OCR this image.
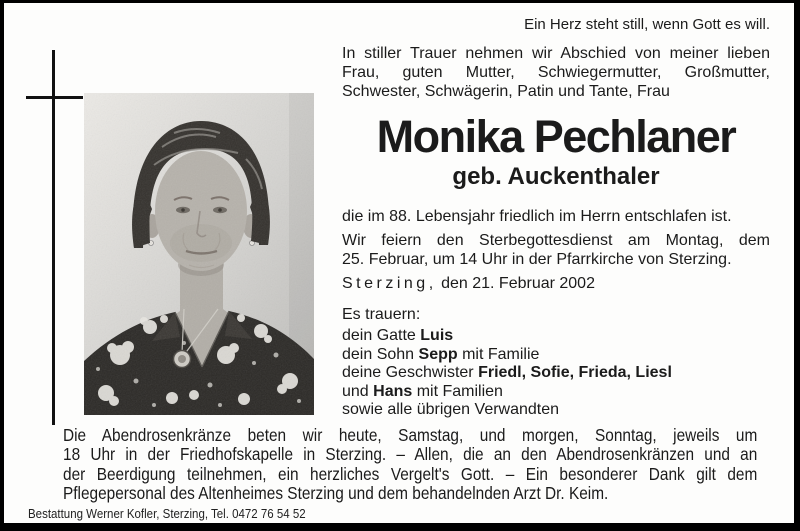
Ein Herz steht still, wenn Gott es will.
In stiller Trauer nehmen wir Abschied von meiner lieben
Frau, guten Mutter, Schwiegermutter, Großmutter,
Schwester, Schwägerin, Patin und Tante, Frau
Monika Pechlaner
geb. Auckenthaler
die im 88. Lebensjahr friedlich im Herrn entschlafen ist.
Wir feiern den Sterbegottesdienst am Montag, dem
25. Februar, um 14 Uhr in der Pfarrkirche von Sterzing.
Sterzing, den 21. Februar 2002
Es trauern:
dein Gatte Luis
dein Sohn Sepp mit Familie
deine Geschwister Friedl, Sofie, Frieda, Liesl
und Hans mit Familien
sowie alle übrigen Verwandten
Die Abendrosenkränze beten wir heute, Samstag, und morgen, Sonntag, jeweils um
18 Uhr in der Friedhofskapelle in Sterzing. – Allen, die an den Abendrosenkränzen und an
der Beerdigung teilnehmen, ein herzliches Vergelt's Gott. – Ein besonderer Dank gilt dem
Pflegepersonal des Altenheimes Sterzing und dem behandelnden Arzt Dr. Keim.
Bestattung Werner Kofler, Sterzing, Tel. 0472 76 54 52
